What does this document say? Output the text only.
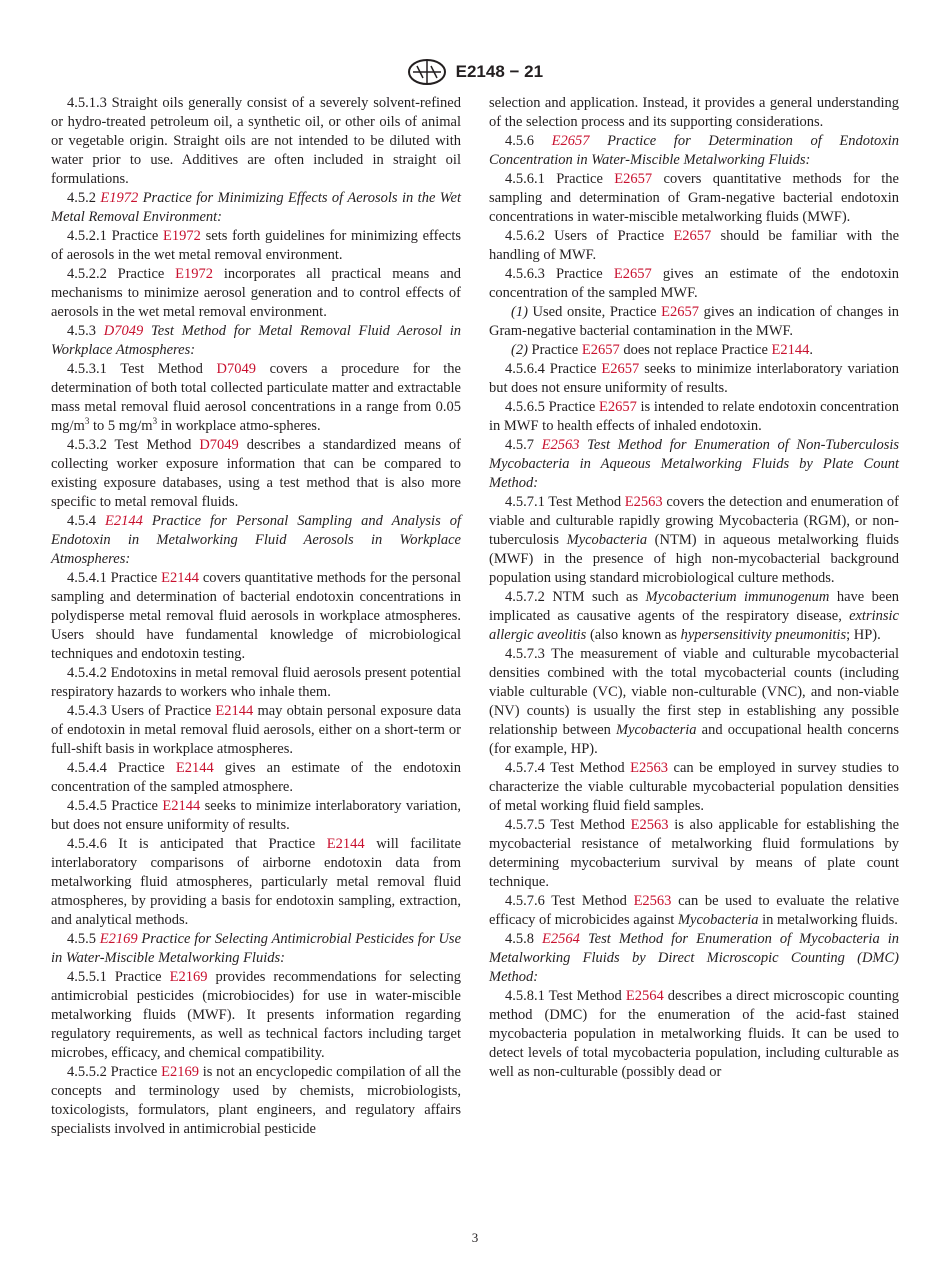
E2148 − 21

4.5.1.3 Straight oils generally consist of a severely solvent-refined or hydro-treated petroleum oil, a synthetic oil, or other oils of animal or vegetable origin. Straight oils are not intended to be diluted with water prior to use. Additives are often included in straight oil formulations.

4.5.2 E1972 Practice for Minimizing Effects of Aerosols in the Wet Metal Removal Environment:

4.5.2.1 Practice E1972 sets forth guidelines for minimizing effects of aerosols in the wet metal removal environment.

4.5.2.2 Practice E1972 incorporates all practical means and mechanisms to minimize aerosol generation and to control effects of aerosols in the wet metal removal environment.

4.5.3 D7049 Test Method for Metal Removal Fluid Aerosol in Workplace Atmospheres:

4.5.3.1 Test Method D7049 covers a procedure for the determination of both total collected particulate matter and extractable mass metal removal fluid aerosol concentrations in a range from 0.05 $mg/m^3$ to 5 $mg/m^3$ in workplace atmo-spheres.

4.5.3.2 Test Method D7049 describes a standardized means of collecting worker exposure information that can be compared to existing exposure databases, using a test method that is also more specific to metal removal fluids.

4.5.4 E2144 Practice for Personal Sampling and Analysis of Endotoxin in Metalworking Fluid Aerosols in Workplace Atmospheres:

4.5.4.1 Practice E2144 covers quantitative methods for the personal sampling and determination of bacterial endotoxin concentrations in polydisperse metal removal fluid aerosols in workplace atmospheres. Users should have fundamental knowledge of microbiological techniques and endotoxin testing.

4.5.4.2 Endotoxins in metal removal fluid aerosols present potential respiratory hazards to workers who inhale them.

4.5.4.3 Users of Practice E2144 may obtain personal exposure data of endotoxin in metal removal fluid aerosols, either on a short-term or full-shift basis in workplace atmospheres.

4.5.4.4 Practice E2144 gives an estimate of the endotoxin concentration of the sampled atmosphere.

4.5.4.5 Practice E2144 seeks to minimize interlaboratory variation, but does not ensure uniformity of results.

4.5.4.6 It is anticipated that Practice E2144 will facilitate interlaboratory comparisons of airborne endotoxin data from metalworking fluid atmospheres, particularly metal removal fluid atmospheres, by providing a basis for endotoxin sampling, extraction, and analytical methods.

4.5.5 E2169 Practice for Selecting Antimicrobial Pesticides for Use in Water-Miscible Metalworking Fluids:

4.5.5.1 Practice E2169 provides recommendations for selecting antimicrobial pesticides (microbiocides) for use in water-miscible metalworking fluids (MWF). It presents information regarding regulatory requirements, as well as technical factors including target microbes, efficacy, and chemical compatibility.

4.5.5.2 Practice E2169 is not an encyclopedic compilation of all the concepts and terminology used by chemists, microbiologists, toxicologists, formulators, plant engineers, and regulatory affairs specialists involved in antimicrobial pesticide

selection and application. Instead, it provides a general understanding of the selection process and its supporting considerations.

4.5.6 E2657 Practice for Determination of Endotoxin Concentration in Water-Miscible Metalworking Fluids:

4.5.6.1 Practice E2657 covers quantitative methods for the sampling and determination of Gram-negative bacterial endotoxin concentrations in water-miscible metalworking fluids (MWF).

4.5.6.2 Users of Practice E2657 should be familiar with the handling of MWF.

4.5.6.3 Practice E2657 gives an estimate of the endotoxin concentration of the sampled MWF.

(1) Used onsite, Practice E2657 gives an indication of changes in Gram-negative bacterial contamination in the MWF.

(2) Practice E2657 does not replace Practice E2144.

4.5.6.4 Practice E2657 seeks to minimize interlaboratory variation but does not ensure uniformity of results.

4.5.6.5 Practice E2657 is intended to relate endotoxin concentration in MWF to health effects of inhaled endotoxin.

4.5.7 E2563 Test Method for Enumeration of Non-Tuberculosis Mycobacteria in Aqueous Metalworking Fluids by Plate Count Method:

4.5.7.1 Test Method E2563 covers the detection and enumeration of viable and culturable rapidly growing Mycobacteria (RGM), or non-tuberculosis Mycobacteria (NTM) in aqueous metalworking fluids (MWF) in the presence of high non-mycobacterial background population using standard microbiological culture methods.

4.5.7.2 NTM such as Mycobacterium immunogenum have been implicated as causative agents of the respiratory disease, extrinsic allergic aveolitis (also known as hypersensitivity pneumonitis; HP).

4.5.7.3 The measurement of viable and culturable mycobacterial densities combined with the total mycobacterial counts (including viable culturable (VC), viable non-culturable (VNC), and non-viable (NV) counts) is usually the first step in establishing any possible relationship between Mycobacteria and occupational health concerns (for example, HP).

4.5.7.4 Test Method E2563 can be employed in survey studies to characterize the viable culturable mycobacterial population densities of metal working fluid field samples.

4.5.7.5 Test Method E2563 is also applicable for establishing the mycobacterial resistance of metalworking fluid formulations by determining mycobacterium survival by means of plate count technique.

4.5.7.6 Test Method E2563 can be used to evaluate the relative efficacy of microbicides against Mycobacteria in metalworking fluids.

4.5.8 E2564 Test Method for Enumeration of Mycobacteria in Metalworking Fluids by Direct Microscopic Counting (DMC) Method:

4.5.8.1 Test Method E2564 describes a direct microscopic counting method (DMC) for the enumeration of the acid-fast stained mycobacteria population in metalworking fluids. It can be used to detect levels of total mycobacteria population, including culturable as well as non-culturable (possibly dead or

3
